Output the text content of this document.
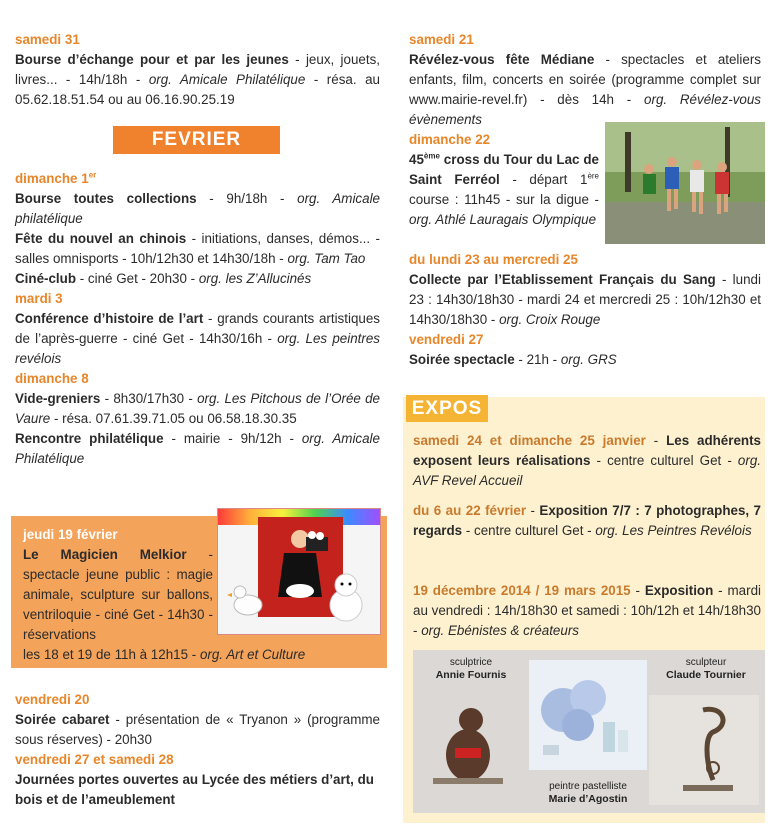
samedi 31

Bourse d’échange pour et par les jeunes - jeux, jouets, livres... - 14h/18h - org. Amicale Philatélique - résa. au 05.62.18.51.54 ou au 06.16.90.25.19

FEVRIER

dimanche 1er

Bourse toutes collections - 9h/18h - org. Amicale philatélique

Fête du nouvel an chinois - initiations, danses, démos... - salles omnisports - 10h/12h30 et 14h30/18h - org. Tam Tao

Ciné-club - ciné Get - 20h30 - org. les Z’Allucinés

mardi 3

Conférence d’histoire de l’art - grands courants artistiques de l’après-guerre - ciné Get - 14h30/16h - org. Les peintres revélois

dimanche 8

Vide-greniers - 8h30/17h30 - org. Les Pitchous de l’Orée de Vaure - résa. 07.61.39.71.05 ou 06.58.18.30.35

Rencontre philatélique - mairie - 9h/12h - org. Amicale Philatélique

jeudi 19 février

Le Magicien Melkior - spectacle jeune public : magie animale, sculpture sur ballons, ventriloquie - ciné Get - 14h30 - réservations

les 18 et 19 de 11h à 12h15 - org. Art et Culture

vendredi 20

Soirée cabaret - présentation de « Tryanon » (programme sous réserves) - 20h30

vendredi 27 et samedi 28

Journées portes ouvertes au Lycée des métiers d’art, du bois et de l’ameublement

samedi 21

Révélez-vous fête Médiane - spectacles et ateliers enfants, film, concerts en soirée (programme complet sur www.mairie-revel.fr) - dès 14h - org. Révélez-vous évènements

dimanche 22

45ème cross du Tour du Lac de Saint Ferréol - départ 1ère course : 11h45 - sur la digue - org. Athlé Lauragais Olympique

du lundi 23 au mercredi 25

Collecte par l’Etablissement Français du Sang - lundi 23 : 14h30/18h30 - mardi 24 et mercredi 25 : 10h/12h30 et 14h30/18h30 - org. Croix Rouge

vendredi 27

Soirée spectacle - 21h - org. GRS

EXPOS

samedi 24 et dimanche 25 janvier - Les adhérents exposent leurs réalisations - centre culturel Get - org. AVF Revel Accueil

du 6 au 22 février - Exposition 7/7 : 7 photographes, 7 regards - centre culturel Get - org. Les Peintres Revélois

19 décembre 2014 / 19 mars 2015 - Exposition - mardi au vendredi : 14h/18h30 et samedi : 10h/12h et 14h/18h30 - org. Ebénistes & créateurs

sculptrice
Annie Fournis
sculpteur
Claude Tournier
peintre pastelliste
Marie d’Agostin
